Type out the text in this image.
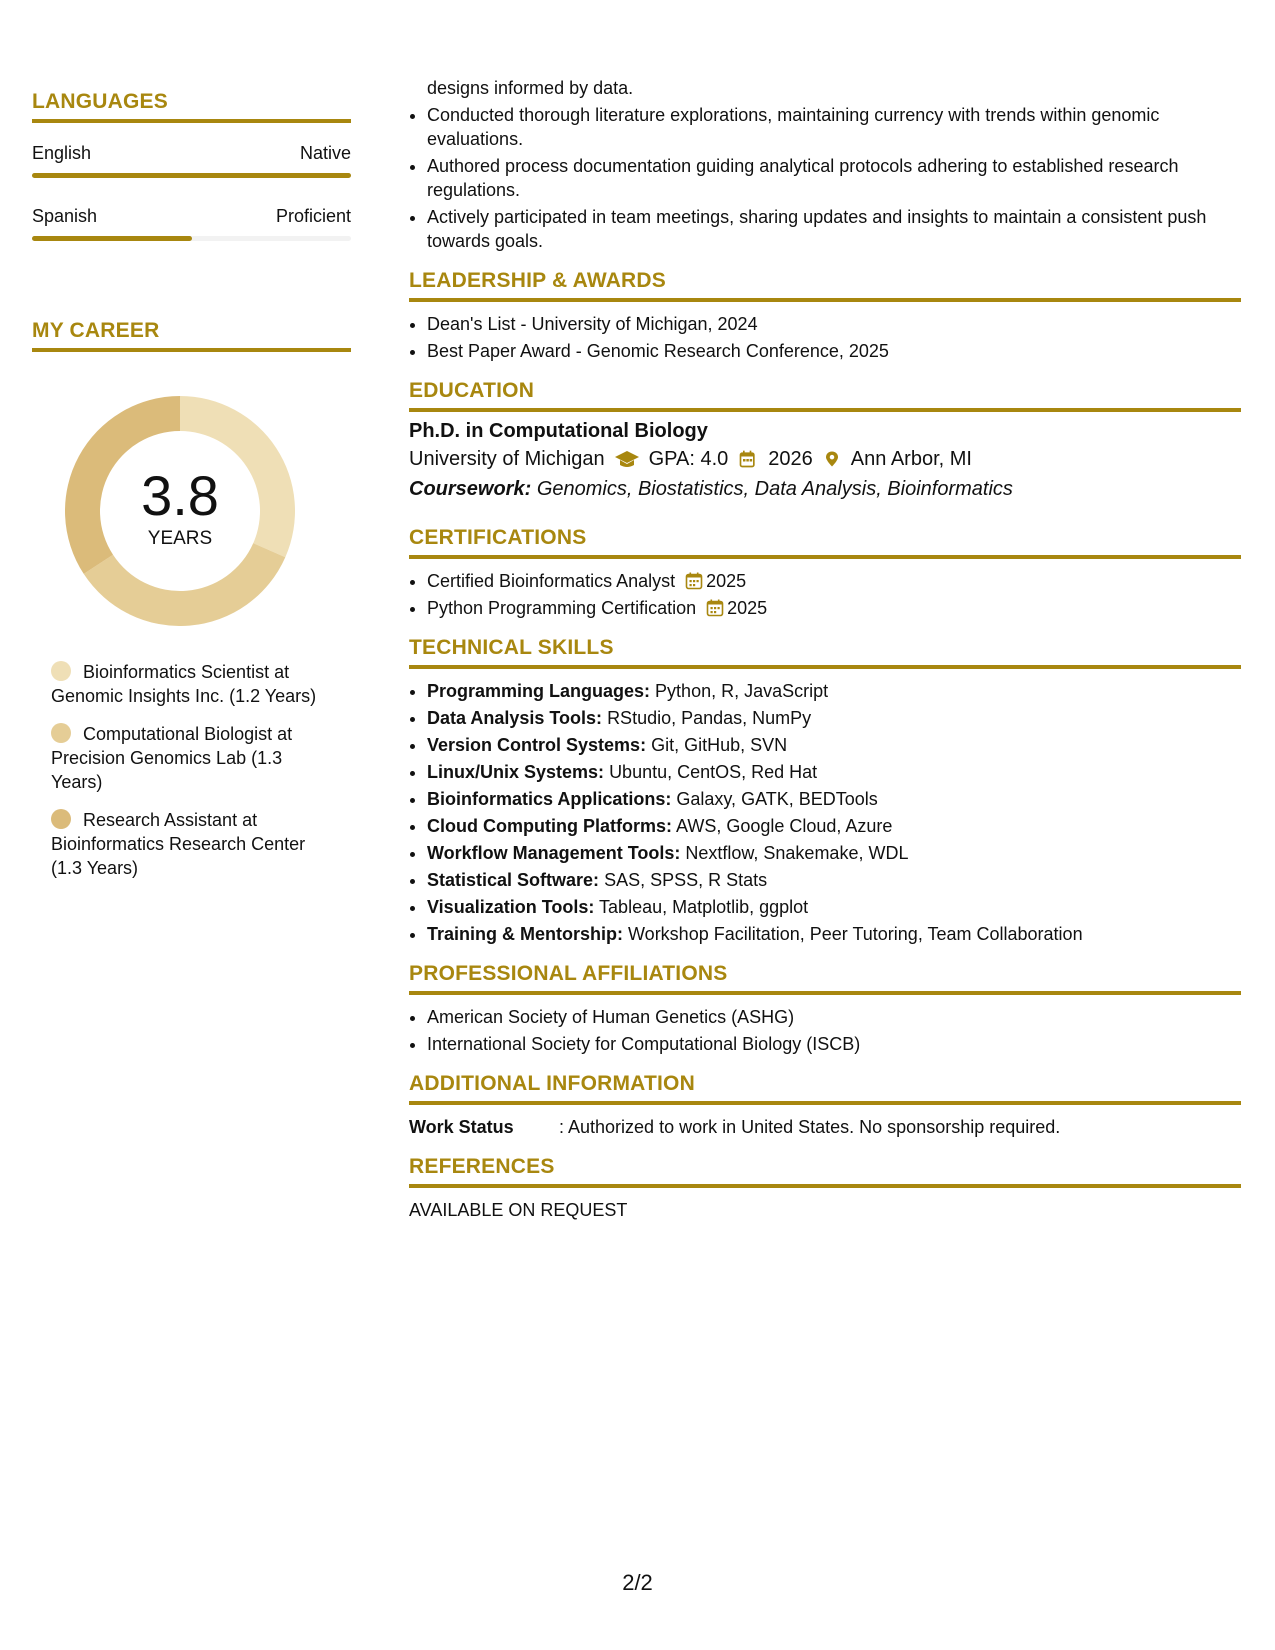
LANGUAGES
English	Native
Spanish	Proficient
MY CAREER
3.8
YEARS
Bioinformatics Scientist at Genomic Insights Inc. (1.2 Years)
Computational Biologist at Precision Genomics Lab (1.3 Years)
Research Assistant at Bioinformatics Research Center (1.3 Years)
designs informed by data.
• Conducted thorough literature explorations, maintaining currency with trends within genomic evaluations.
• Authored process documentation guiding analytical protocols adhering to established research regulations.
• Actively participated in team meetings, sharing updates and insights to maintain a consistent push towards goals.
LEADERSHIP & AWARDS
• Dean's List - University of Michigan, 2024
• Best Paper Award - Genomic Research Conference, 2025
EDUCATION
Ph.D. in Computational Biology
University of Michigan GPA: 4.0 2026 Ann Arbor, MI
Coursework: Genomics, Biostatistics, Data Analysis, Bioinformatics
CERTIFICATIONS
• Certified Bioinformatics Analyst 2025
• Python Programming Certification 2025
TECHNICAL SKILLS
• Programming Languages: Python, R, JavaScript
• Data Analysis Tools: RStudio, Pandas, NumPy
• Version Control Systems: Git, GitHub, SVN
• Linux/Unix Systems: Ubuntu, CentOS, Red Hat
• Bioinformatics Applications: Galaxy, GATK, BEDTools
• Cloud Computing Platforms: AWS, Google Cloud, Azure
• Workflow Management Tools: Nextflow, Snakemake, WDL
• Statistical Software: SAS, SPSS, R Stats
• Visualization Tools: Tableau, Matplotlib, ggplot
• Training & Mentorship: Workshop Facilitation, Peer Tutoring, Team Collaboration
PROFESSIONAL AFFILIATIONS
• American Society of Human Genetics (ASHG)
• International Society for Computational Biology (ISCB)
ADDITIONAL INFORMATION
Work Status	: Authorized to work in United States. No sponsorship required.
REFERENCES
AVAILABLE ON REQUEST
2/2
